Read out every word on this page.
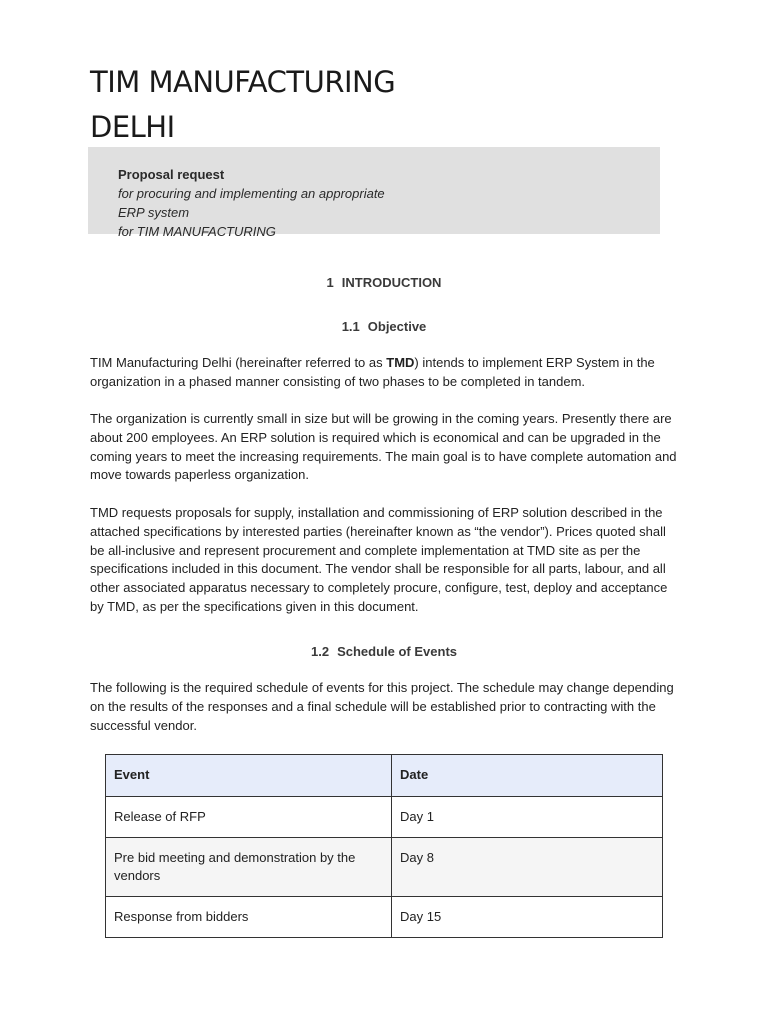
TIM MANUFACTURING
DELHI
Proposal request
for procuring and implementing an appropriate
ERP system
for TIM MANUFACTURING
1 INTRODUCTION
1.1 Objective

TIM Manufacturing Delhi (hereinafter referred to as TMD) intends to implement ERP System in the organization in a phased manner consisting of two phases to be completed in tandem.

The organization is currently small in size but will be growing in the coming years. Presently there are about 200 employees. An ERP solution is required which is economical and can be upgraded in the coming years to meet the increasing requirements. The main goal is to have complete automation and move towards paperless organization.

TMD requests proposals for supply, installation and commissioning of ERP solution described in the attached specifications by interested parties (hereinafter known as “the vendor”). Prices quoted shall be all-inclusive and represent procurement and complete implementation at TMD site as per the specifications included in this document. The vendor shall be responsible for all parts, labour, and all other associated apparatus necessary to completely procure, configure, test, deploy and acceptance by TMD, as per the specifications given in this document.

1.2 Schedule of Events

The following is the required schedule of events for this project. The schedule may change depending on the results of the responses and a final schedule will be established prior to contracting with the successful vendor.

Event	Date
Release of RFP	Day 1
Pre bid meeting and demonstration by the vendors	Day 8
Response from bidders	Day 15
